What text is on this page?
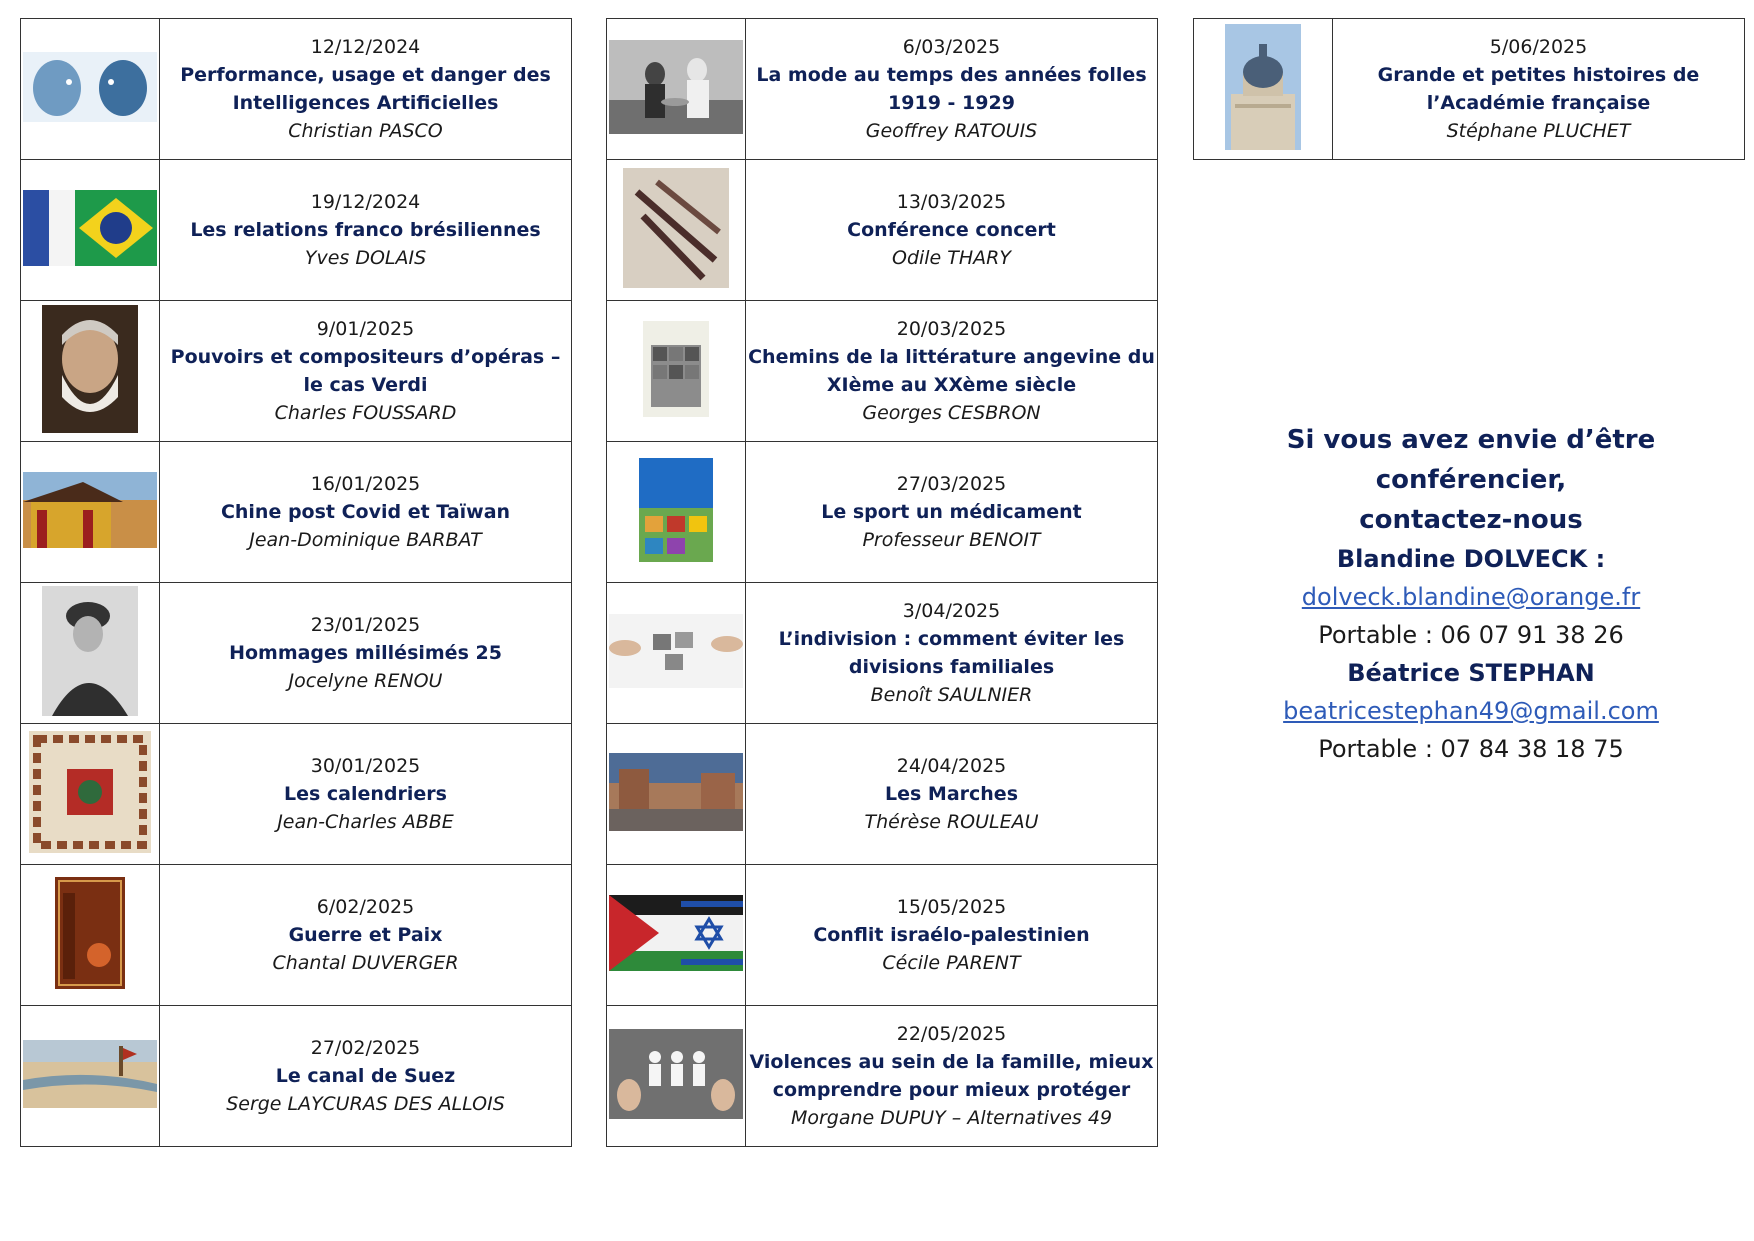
12/12/2024
Performance, usage et danger des Intelligences Artificielles
Christian PASCO

19/12/2024
Les relations franco brésiliennes
Yves DOLAIS

9/01/2025
Pouvoirs et compositeurs d’opéras – le cas Verdi
Charles FOUSSARD

16/01/2025
Chine post Covid et Taïwan
Jean-Dominique BARBAT

23/01/2025
Hommages millésimés 25
Jocelyne RENOU

30/01/2025
Les calendriers
Jean-Charles ABBE

6/02/2025
Guerre et Paix
Chantal DUVERGER

27/02/2025
Le canal de Suez
Serge LAYCURAS DES ALLOIS

6/03/2025
La mode au temps des années folles 1919 - 1929
Geoffrey RATOUIS

13/03/2025
Conférence concert
Odile THARY

20/03/2025
Chemins de la littérature angevine du XIème au XXème siècle
Georges CESBRON

27/03/2025
Le sport un médicament
Professeur BENOIT

3/04/2025
L’indivision : comment éviter les divisions familiales
Benoît SAULNIER

24/04/2025
Les Marches
Thérèse ROULEAU

15/05/2025
Conflit israélo-palestinien
Cécile PARENT

22/05/2025
Violences au sein de la famille, mieux comprendre pour mieux protéger
Morgane DUPUY – Alternatives 49

5/06/2025
Grande et petites histoires de l’Académie française
Stéphane PLUCHET
Si vous avez envie d’être conférencier,
contactez-nous
Blandine DOLVECK :
dolveck.blandine@orange.fr
Portable : 06 07 91 38 26
Béatrice STEPHAN
beatricestephan49@gmail.com
Portable : 07 84 38 18 75
